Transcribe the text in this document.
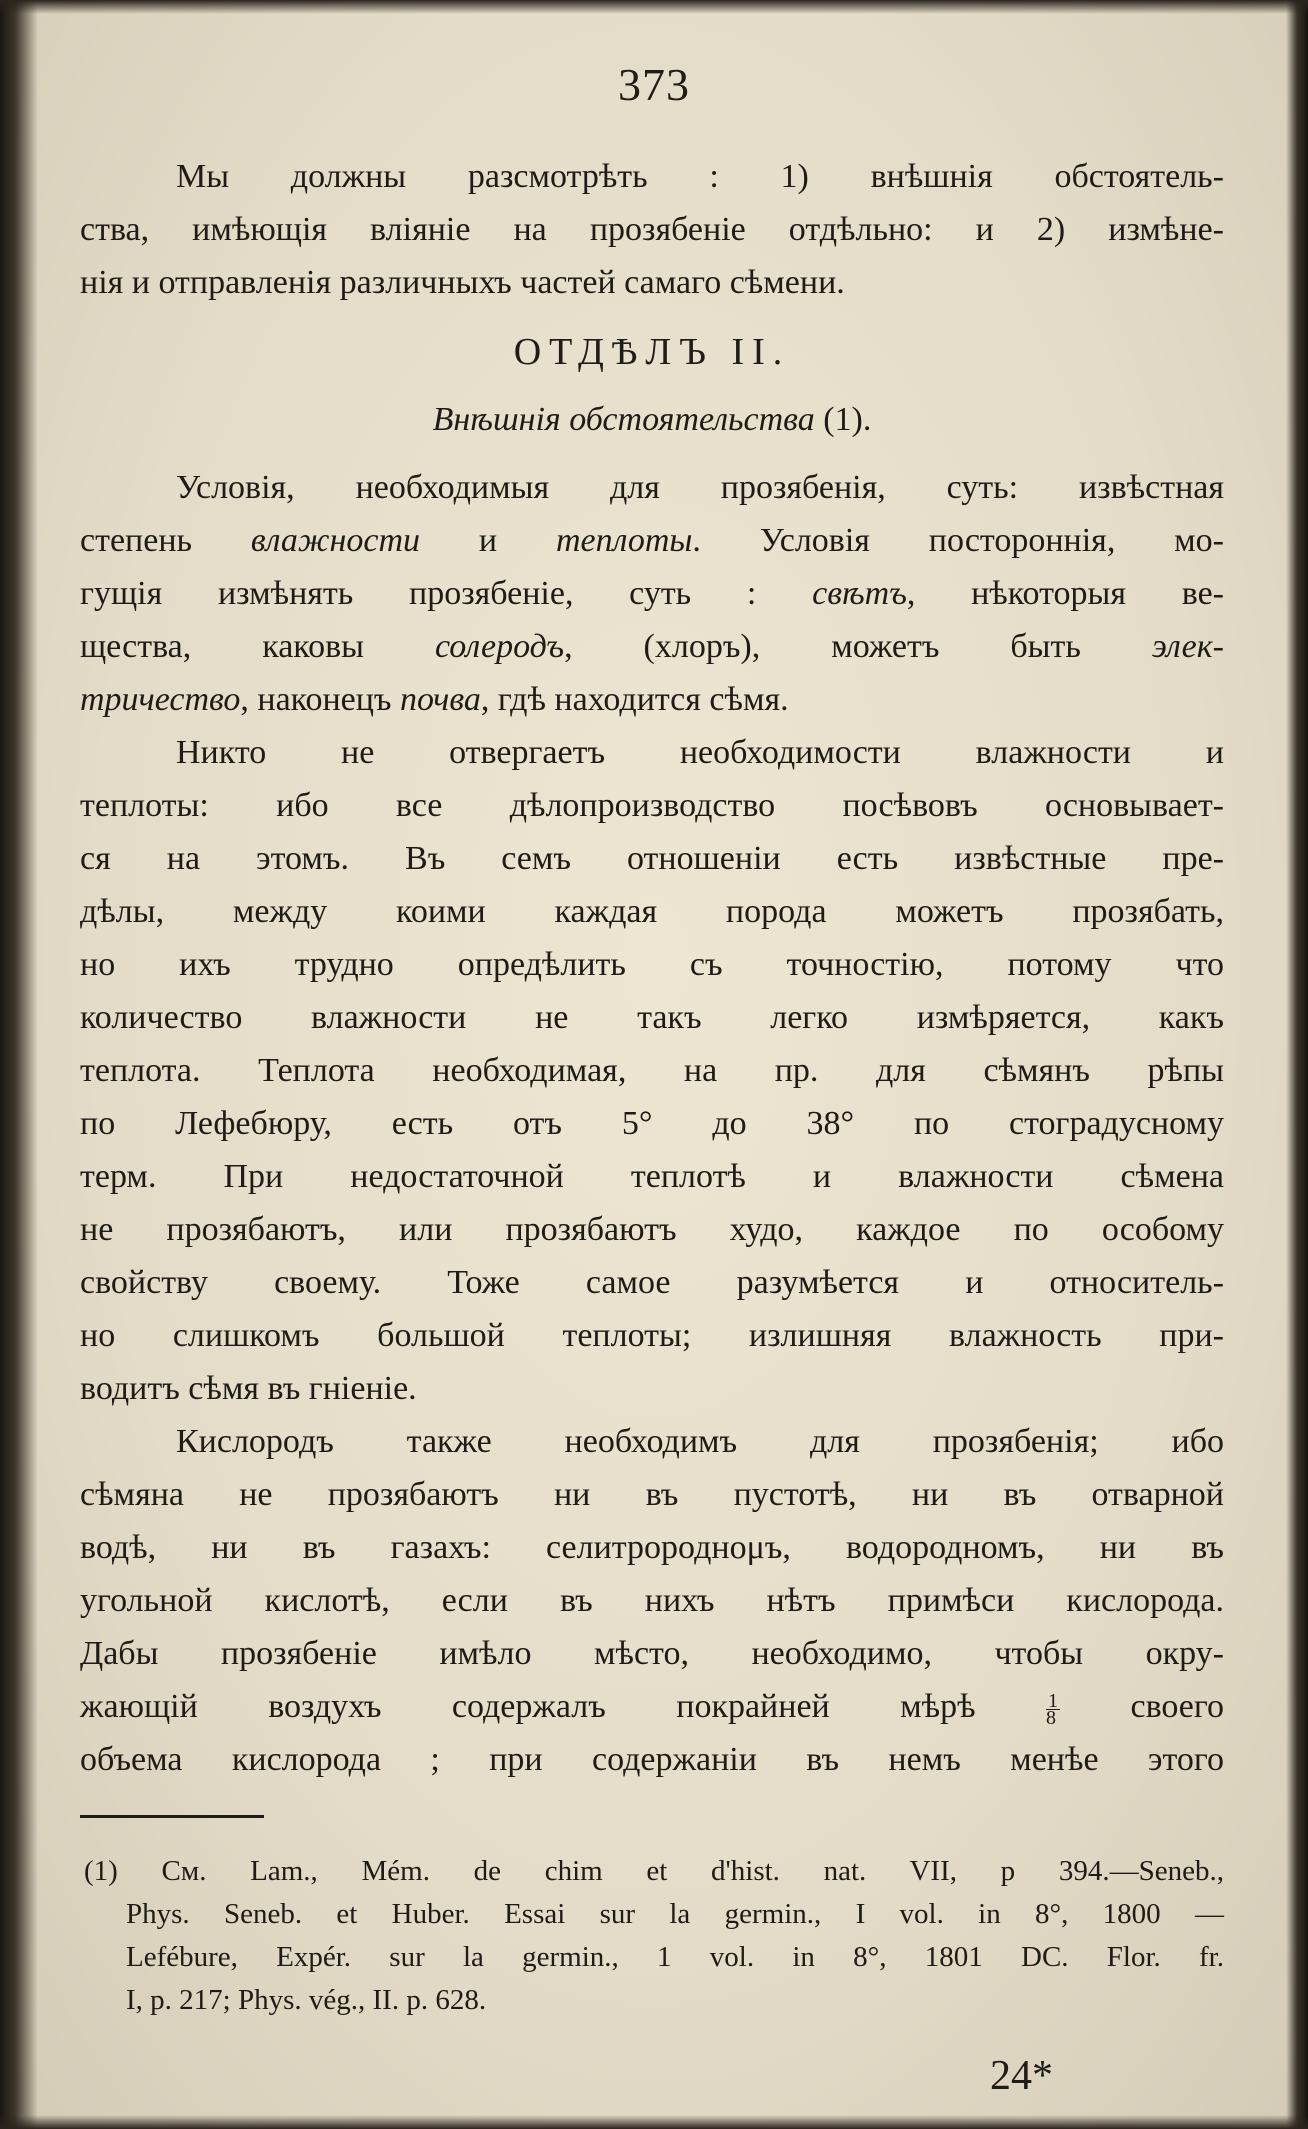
373
Мы должны разсмотрѣть : 1) внѣшнія обстоятель-
ства, имѣющія вліяніе на прозябеніе отдѣльно: и 2) измѣне-
нія и отправленія различныхъ частей самаго сѣмени.
ОТДѢЛЪ II.
Внѣшнія обстоятельства (1).
Условія, необходимыя для прозябенія, суть: извѣстная
степень влажности и теплоты. Условія постороннія, мо-
гущія измѣнять прозябеніе, суть : свѣтъ, нѣкоторыя ве-
щества, каковы солеродъ, (хлоръ), можетъ быть элек-
тричество, наконецъ почва, гдѣ находится сѣмя.
Никто не отвергаетъ необходимости влажности и
теплоты: ибо все дѣлопроизводство посѣвовъ основывает-
ся на этомъ. Въ семъ отношеніи есть извѣстные пре-
дѣлы, между коими каждая порода можетъ прозябать,
но ихъ трудно опредѣлить съ точностію, потому что
количество влажности не такъ легко измѣряется, какъ
теплота. Теплота необходимая, на пр. для сѣмянъ рѣпы
по Лефебюру, есть отъ 5° до 38° по стоградусному
терм. При недостаточной теплотѣ и влажности сѣмена
не прозябаютъ, или прозябаютъ худо, каждое по особому
свойству своему. Тоже самое разумѣется и относитель-
но слишкомъ большой теплоты; излишняя влажность при-
водитъ сѣмя въ гніеніе.
Кислородъ также необходимъ для прозябенія; ибо
сѣмяна не прозябаютъ ни въ пустотѣ, ни въ отварной
водѣ, ни въ газахъ: селитророднομъ, водородномъ, ни въ
угольной кислотѣ, если въ нихъ нѣтъ примѣси кислорода.
Дабы прозябеніе имѣло мѣсто, необходимо, чтобы окру-
жающій воздухъ содержалъ покрайней мѣрѣ	$\frac{1}{8}$ своего
объема кислорода ; при содержаніи въ немъ менѣе этого
(1) См. Lam., Mém. de chim et d'hist. nat. VII, p 394.—Seneb.,
Phys. Seneb. et Huber. Essai sur la germin., I vol. in 8°, 1800 —
Lefébure, Expér. sur la germin., 1 vol. in 8°, 1801 DC. Flor. fr.
I, p. 217; Phys. vég., II. p. 628.
24*
